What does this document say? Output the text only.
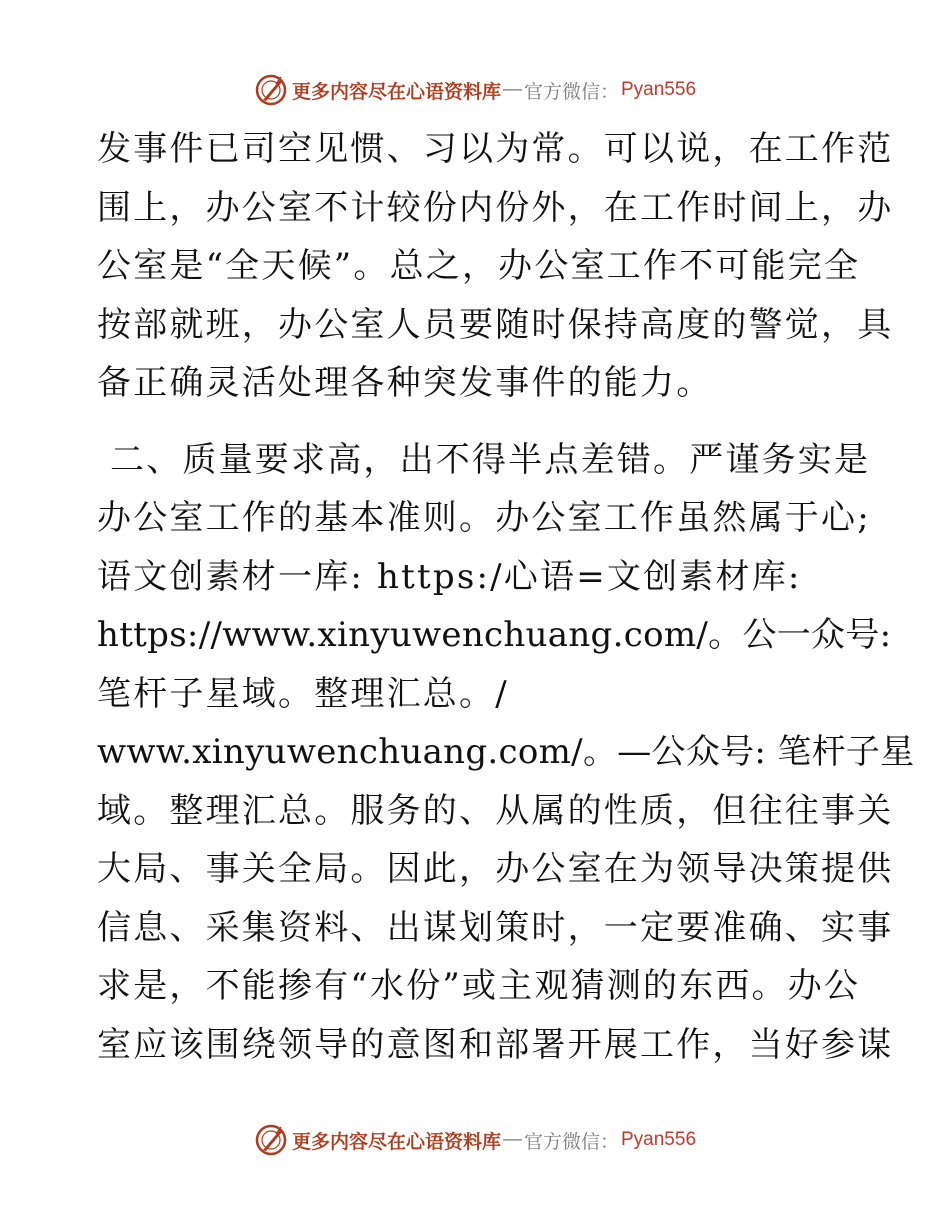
更多内容尽在心语资料库 — 官方微信： Pyan556
发事件已司空见惯、习以为常。可以说，在工作范
围上，办公室不计较份内份外，在工作时间上，办
公室是“全天候”。总之，办公室工作不可能完全
按部就班，办公室人员要随时保持高度的警觉，具
备正确灵活处理各种突发事件的能力。
二、质量要求高，出不得半点差错。严谨务实是
办公室工作的基本准则。办公室工作虽然属于心;
语文创素材一库: https:/心语=文创素材库:
https://www.xinyuwenchuang.com/。公一众号:
笔杆子星域。整理汇总。/
www.xinyuwenchuang.com/。—公众号: 笔杆子星
域。整理汇总。服务的、从属的性质，但往往事关
大局、事关全局。因此，办公室在为领导决策提供
信息、采集资料、出谋划策时，一定要准确、实事
求是，不能掺有“水份”或主观猜测的东西。办公
室应该围绕领导的意图和部署开展工作，当好参谋
更多内容尽在心语资料库 — 官方微信： Pyan556
